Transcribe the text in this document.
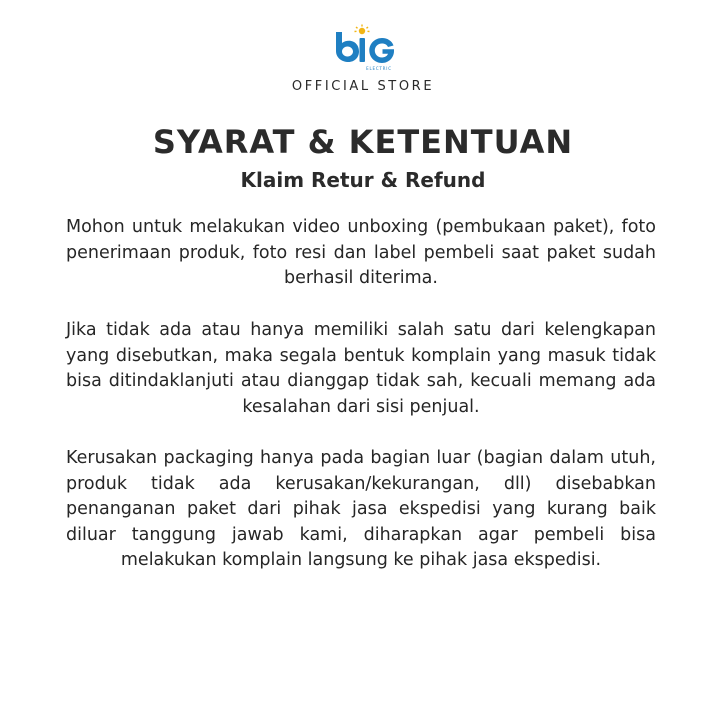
ELECTRIC
OFFICIAL STORE
SYARAT & KETENTUAN
Klaim Retur & Refund

Mohon untuk melakukan video unboxing (pembukaan paket), foto penerimaan produk, foto resi dan label pembeli saat paket sudah berhasil diterima.

Jika tidak ada atau hanya memiliki salah satu dari kelengkapan yang disebutkan, maka segala bentuk komplain yang masuk tidak bisa ditindaklanjuti atau dianggap tidak sah, kecuali memang ada kesalahan dari sisi penjual.

Kerusakan packaging hanya pada bagian luar (bagian dalam utuh, produk tidak ada kerusakan/kekurangan, dll) disebabkan penanganan paket dari pihak jasa ekspedisi yang kurang baik diluar tanggung jawab kami, diharapkan agar pembeli bisa melakukan komplain langsung ke pihak jasa ekspedisi.
